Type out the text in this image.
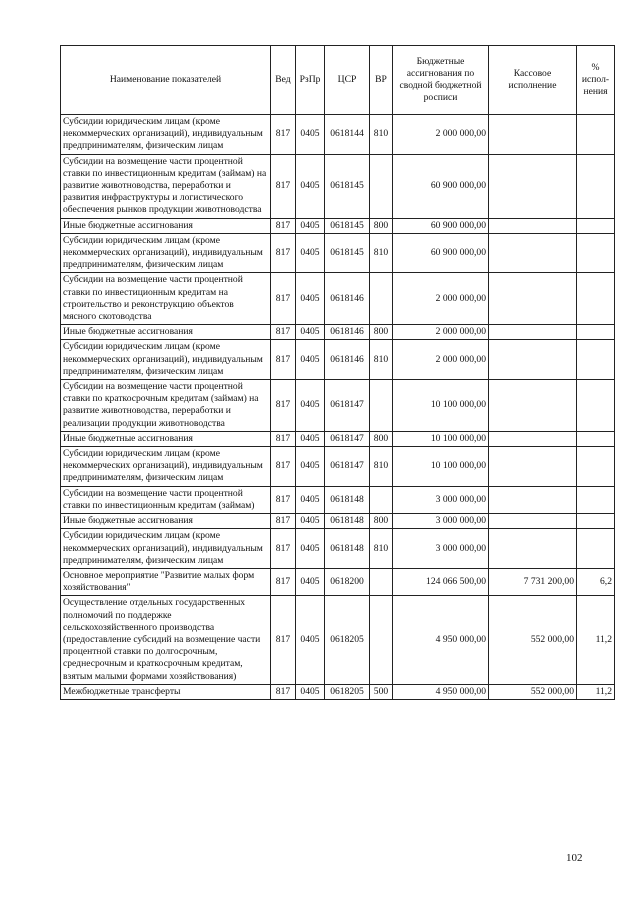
Наименование показателей	Вед	РзПр	ЦСР	ВР	Бюджетные ассигнования по сводной бюджетной росписи	Кассовое исполнение	% испол-нения
Субсидии юридическим лицам (кроме некоммерческих организаций), индивидуальным предпринимателям, физическим лицам	817	0405	0618144	810	2 000 000,00		
Субсидии на возмещение части процентной ставки по инвестиционным кредитам (займам) на развитие животноводства, переработки и развития инфраструктуры и логистического обеспечения рынков продукции животноводства	817	0405	0618145		60 900 000,00		
Иные бюджетные ассигнования	817	0405	0618145	800	60 900 000,00		
Субсидии юридическим лицам (кроме некоммерческих организаций), индивидуальным предпринимателям, физическим лицам	817	0405	0618145	810	60 900 000,00		
Субсидии на возмещение части процентной ставки по инвестиционным кредитам на строительство и реконструкцию объектов мясного скотоводства	817	0405	0618146		2 000 000,00		
Иные бюджетные ассигнования	817	0405	0618146	800	2 000 000,00		
Субсидии юридическим лицам (кроме некоммерческих организаций), индивидуальным предпринимателям, физическим лицам	817	0405	0618146	810	2 000 000,00		
Субсидии на возмещение части процентной ставки по краткосрочным кредитам (займам) на развитие животноводства, переработки и реализации продукции животноводства	817	0405	0618147		10 100 000,00		
Иные бюджетные ассигнования	817	0405	0618147	800	10 100 000,00		
Субсидии юридическим лицам (кроме некоммерческих организаций), индивидуальным предпринимателям, физическим лицам	817	0405	0618147	810	10 100 000,00		
Субсидии на возмещение части процентной ставки по инвестиционным кредитам (займам)	817	0405	0618148		3 000 000,00		
Иные бюджетные ассигнования	817	0405	0618148	800	3 000 000,00		
Субсидии юридическим лицам (кроме некоммерческих организаций), индивидуальным предпринимателям, физическим лицам	817	0405	0618148	810	3 000 000,00		
Основное мероприятие "Развитие малых форм хозяйствования"	817	0405	0618200		124 066 500,00	7 731 200,00	6,2
Осуществление отдельных государственных полномочий по поддержке сельскохозяйственного производства (предоставление субсидий на возмещение части процентной ставки по долгосрочным, среднесрочным и краткосрочным кредитам, взятым малыми формами хозяйствования)	817	0405	0618205		4 950 000,00	552 000,00	11,2
Межбюджетные трансферты	817	0405	0618205	500	4 950 000,00	552 000,00	11,2
102
